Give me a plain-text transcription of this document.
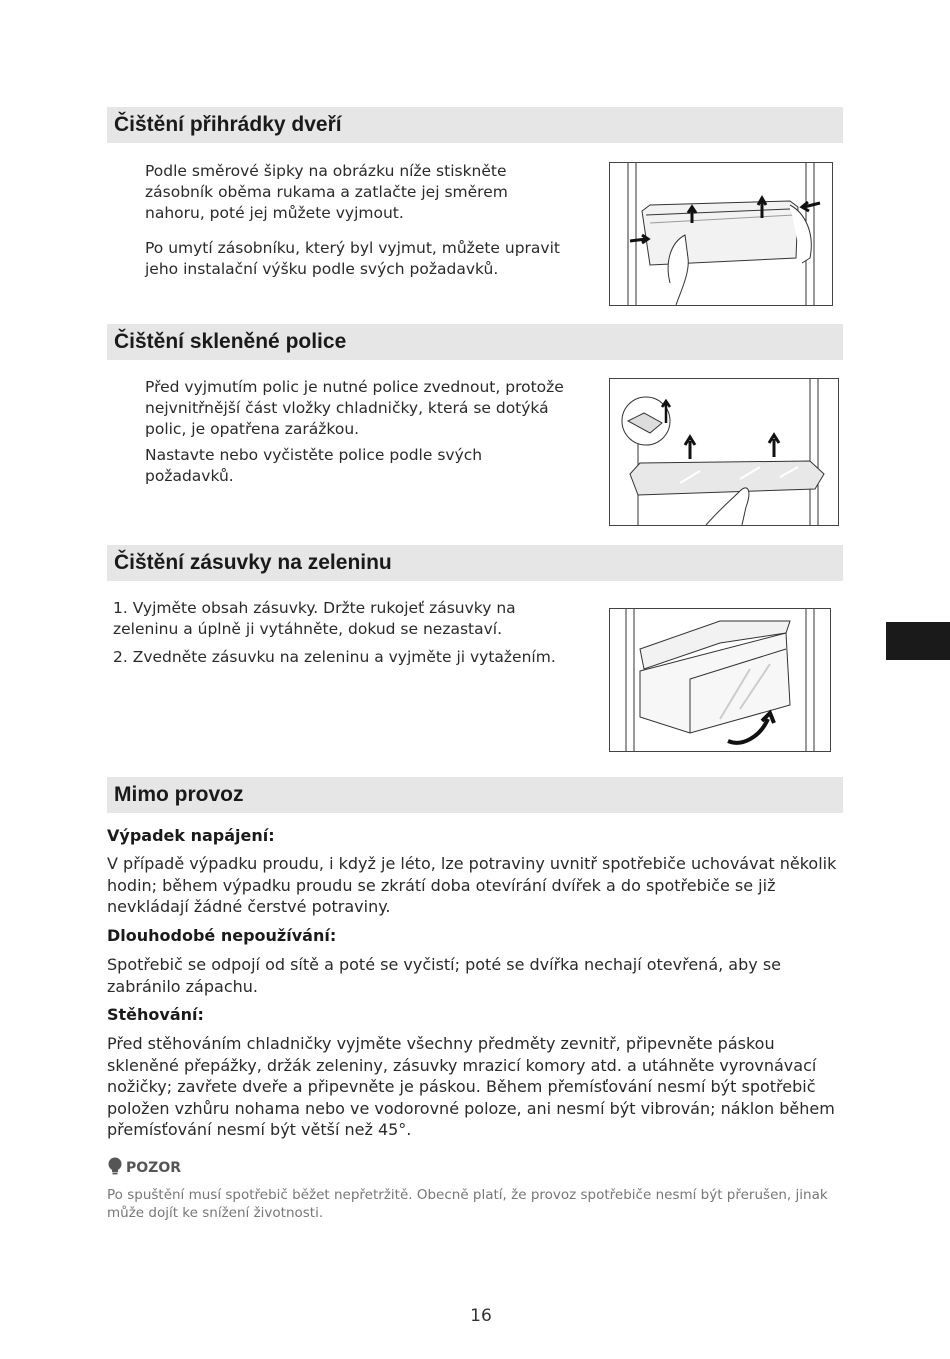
Čištění přihrádky dveří

Podle směrové šipky na obrázku níže stiskněte zásobník oběma rukama a zatlačte jej směrem nahoru, poté jej můžete vyjmout.

Po umytí zásobníku, který byl vyjmut, můžete upravit jeho instalační výšku podle svých požadavků.

Čištění skleněné police

Před vyjmutím polic je nutné police zvednout, protože nejvnitřnější část vložky chladničky, která se dotýká polic, je opatřena zarážkou.

Nastavte nebo vyčistěte police podle svých požadavků.

Čištění zásuvky na zeleninu

1. Vyjměte obsah zásuvky. Držte rukojeť zásuvky na zeleninu a úplně ji vytáhněte, dokud se nezastaví.

2. Zvedněte zásuvku na zeleninu a vyjměte ji vytažením.

Mimo provoz
Výpadek napájení:

V případě výpadku proudu, i když je léto, lze potraviny uvnitř spotřebiče uchovávat několik hodin; během výpadku proudu se zkrátí doba otevírání dvířek a do spotřebiče se již nevkládají žádné čerstvé potraviny.

Dlouhodobé nepoužívání:

Spotřebič se odpojí od sítě a poté se vyčistí; poté se dvířka nechají otevřená, aby se zabránilo zápachu.

Stěhování:

Před stěhováním chladničky vyjměte všechny předměty zevnitř, připevněte páskou skleněné přepážky, držák zeleniny, zásuvky mrazicí komory atd. a utáhněte vyrovnávací nožičky; zavřete dveře a připevněte je páskou. Během přemísťování nesmí být spotřebič položen vzhůru nohama nebo ve vodorovné poloze, ani nesmí být vibrován; náklon během přemísťování nesmí být větší než 45°.

POZOR

Po spuštění musí spotřebič běžet nepřetržitě. Obecně platí, že provoz spotřebiče nesmí být přerušen, jinak může dojít ke snížení životnosti.

16
